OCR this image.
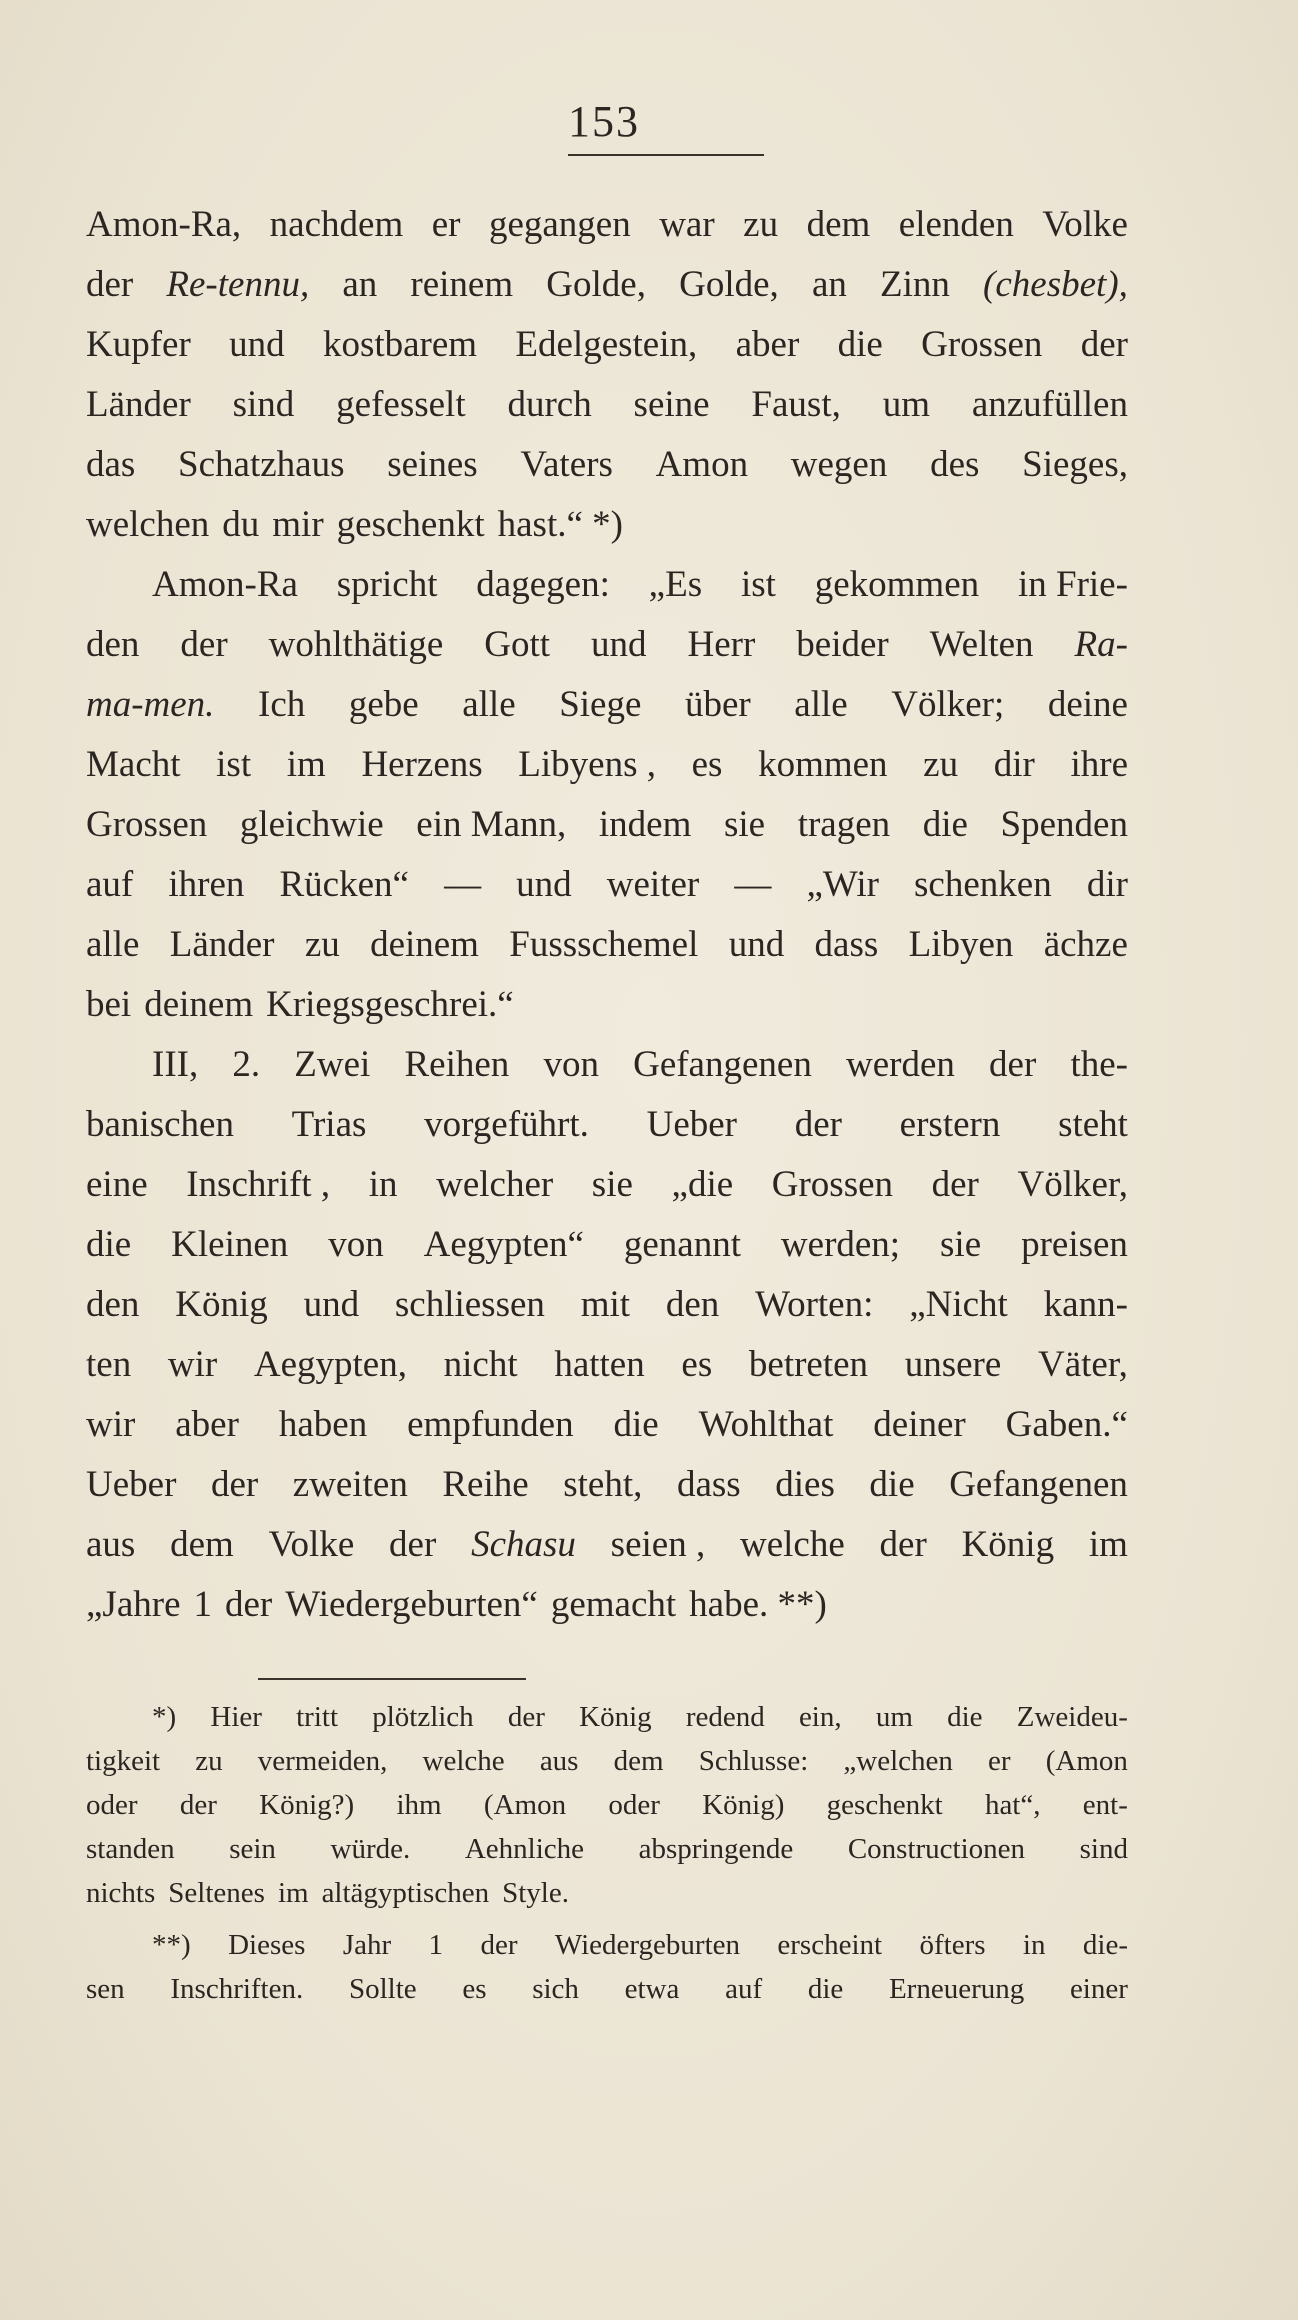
153
Amon-Ra, nachdem er gegangen war zu dem elenden Volke
der Re-tennu, an reinem Golde, Golde, an Zinn (chesbet),
Kupfer und kostbarem Edelgestein, aber die Grossen der
Länder sind gefesselt durch seine Faust, um anzufüllen
das Schatzhaus seines Vaters Amon wegen des Sieges,
welchen du mir geschenkt hast.“ *)
Amon-Ra spricht dagegen: „Es ist gekommen in Frie-
den der wohlthätige Gott und Herr beider Welten Ra-
ma-men. Ich gebe alle Siege über alle Völker; deine
Macht ist im Herzens Libyens , es kommen zu dir ihre
Grossen gleichwie ein Mann, indem sie tragen die Spenden
auf ihren Rücken“ — und weiter — „Wir schenken dir
alle Länder zu deinem Fussschemel und dass Libyen ächze
bei deinem Kriegsgeschrei.“
III, 2. Zwei Reihen von Gefangenen werden der the-
banischen Trias vorgeführt. Ueber der erstern steht
eine Inschrift , in welcher sie „die Grossen der Völker,
die Kleinen von Aegypten“ genannt werden; sie preisen
den König und schliessen mit den Worten: „Nicht kann-
ten wir Aegypten, nicht hatten es betreten unsere Väter,
wir aber haben empfunden die Wohlthat deiner Gaben.“
Ueber der zweiten Reihe steht, dass dies die Gefangenen
aus dem Volke der Schasu seien , welche der König im
„Jahre 1 der Wiedergeburten“ gemacht habe. **)
*) Hier tritt plötzlich der König redend ein, um die Zweideu-
tigkeit zu vermeiden, welche aus dem Schlusse: „welchen er (Amon
oder der König?) ihm (Amon oder König) geschenkt hat“, ent-
standen sein würde. Aehnliche abspringende Constructionen sind
nichts Seltenes im altägyptischen Style.
**) Dieses Jahr 1 der Wiedergeburten erscheint öfters in die-
sen Inschriften. Sollte es sich etwa auf die Erneuerung einer
